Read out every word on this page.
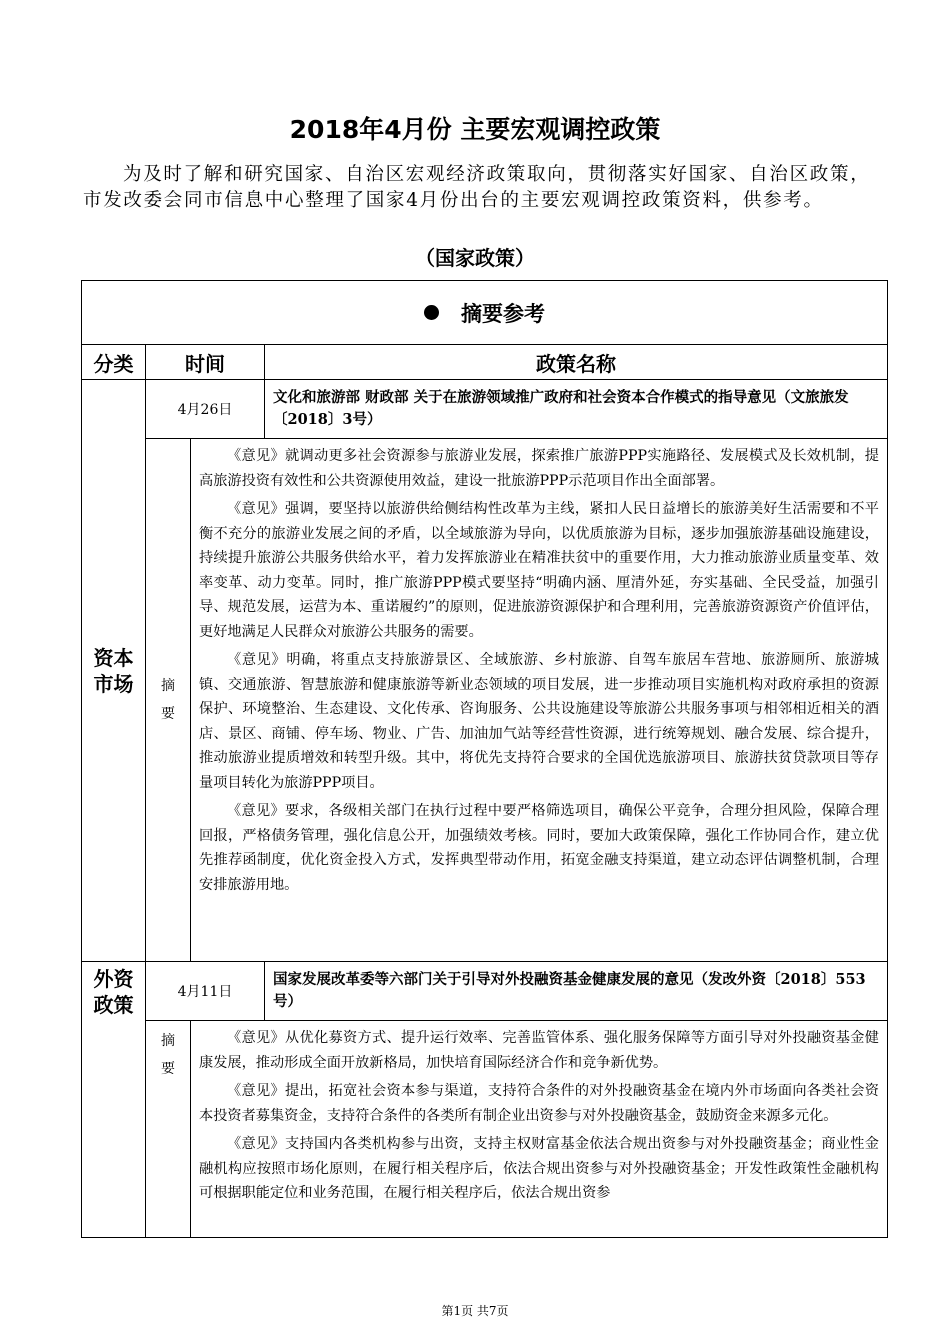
2018年4月份 主要宏观调控政策

为及时了解和研究国家、自治区宏观经济政策取向，贯彻落实好国家、自治区政策，市发改委会同市信息中心整理了国家4月份出台的主要宏观调控政策资料，供参考。

（国家政策）
摘要参考			
分类	时间		政策名称
资本市场	4月26日		文化和旅游部 财政部 关于在旅游领域推广政府和社会资本合作模式的指导意见（文旅旅发〔2018〕3号）
	摘要	《意见》就调动更多社会资源参与旅游业发展，探索推广旅游PPP实施路径、发展模式及长效机制，提高旅游投资有效性和公共资源使用效益，建设一批旅游PPP示范项目作出全面部署。

《意见》强调，要坚持以旅游供给侧结构性改革为主线，紧扣人民日益增长的旅游美好生活需要和不平衡不充分的旅游业发展之间的矛盾，以全域旅游为导向，以优质旅游为目标，逐步加强旅游基础设施建设，持续提升旅游公共服务供给水平，着力发挥旅游业在精准扶贫中的重要作用，大力推动旅游业质量变革、效率变革、动力变革。同时，推广旅游PPP模式要坚持“明确内涵、厘清外延，夯实基础、全民受益，加强引导、规范发展，运营为本、重诺履约”的原则，促进旅游资源保护和合理利用，完善旅游资源资产价值评估，更好地满足人民群众对旅游公共服务的需要。

《意见》明确，将重点支持旅游景区、全域旅游、乡村旅游、自驾车旅居车营地、旅游厕所、旅游城镇、交通旅游、智慧旅游和健康旅游等新业态领域的项目发展，进一步推动项目实施机构对政府承担的资源保护、环境整治、生态建设、文化传承、咨询服务、公共设施建设等旅游公共服务事项与相邻相近相关的酒店、景区、商铺、停车场、物业、广告、加油加气站等经营性资源，进行统筹规划、融合发展、综合提升，推动旅游业提质增效和转型升级。其中，将优先支持符合要求的全国优选旅游项目、旅游扶贫贷款项目等存量项目转化为旅游PPP项目。

《意见》要求，各级相关部门在执行过程中要严格筛选项目，确保公平竞争，合理分担风险，保障合理回报，严格债务管理，强化信息公开，加强绩效考核。同时，要加大政策保障，强化工作协同合作，建立优先推荐函制度，优化资金投入方式，发挥典型带动作用，拓宽金融支持渠道，建立动态评估调整机制，合理安排旅游用地。	

外资政策	4月11日		国家发展改革委等六部门关于引导对外投融资基金健康发展的意见（发改外资〔2018〕553号）
	摘要	《意见》从优化募资方式、提升运行效率、完善监管体系、强化服务保障等方面引导对外投融资基金健康发展，推动形成全面开放新格局，加快培育国际经济合作和竞争新优势。

《意见》提出，拓宽社会资本参与渠道，支持符合条件的对外投融资基金在境内外市场面向各类社会资本投资者募集资金，支持符合条件的各类所有制企业出资参与对外投融资基金，鼓励资金来源多元化。

《意见》支持国内各类机构参与出资，支持主权财富基金依法合规出资参与对外投融资基金；商业性金融机构应按照市场化原则，在履行相关程序后，依法合规出资参与对外投融资基金；开发性政策性金融机构可根据职能定位和业务范围，在履行相关程序后，依法合规出资参	

第1页 共7页
